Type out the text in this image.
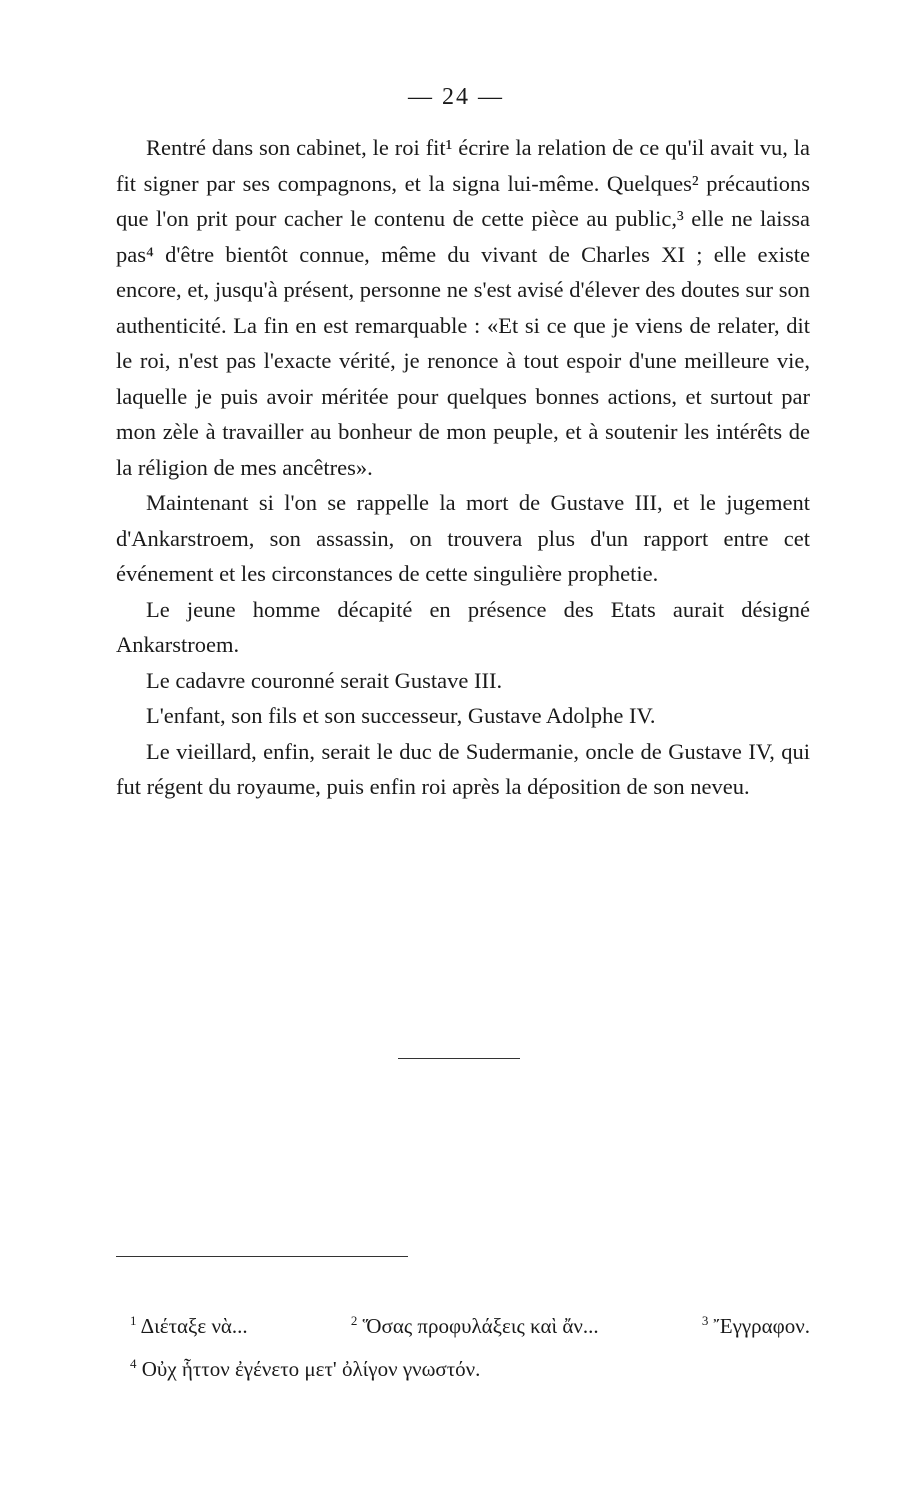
— 24 —

Rentré dans son cabinet, le roi fit¹ écrire la relation de ce qu'il avait vu, la fit signer par ses compagnons, et la signa lui-même. Quelques² précautions que l'on prit pour cacher le contenu de cette pièce au public,³ elle ne laissa pas⁴ d'être bientôt connue, même du vivant de Charles XI ; elle existe encore, et, jusqu'à présent, personne ne s'est avisé d'élever des doutes sur son authenticité. La fin en est remarquable : «Et si ce que je viens de relater, dit le roi, n'est pas l'exacte vérité, je renonce à tout espoir d'une meilleure vie, laquelle je puis avoir méritée pour quelques bonnes actions, et surtout par mon zèle à travailler au bonheur de mon peuple, et à soutenir les intérêts de la réligion de mes ancêtres».

Maintenant si l'on se rappelle la mort de Gustave III, et le jugement d'Ankarstroem, son assassin, on trouvera plus d'un rapport entre cet événement et les circonstances de cette singulière prophetie.

Le jeune homme décapité en présence des Etats aurait désigné Ankarstroem.

Le cadavre couronné serait Gustave III.

L'enfant, son fils et son successeur, Gustave Adolphe IV.

Le vieillard, enfin, serait le duc de Sudermanie, oncle de Gustave IV, qui fut régent du royaume, puis enfin roi après la déposition de son neveu.

$^1$ Διέταξε νὰ...	$^2$ Ὅσας προφυλάξεις καὶ ἄν...	$^3$ Ἔγγραφον.
$^4$ Οὐχ ἧττον ἐγένετο μετ' ὀλίγον γνωστόν.
